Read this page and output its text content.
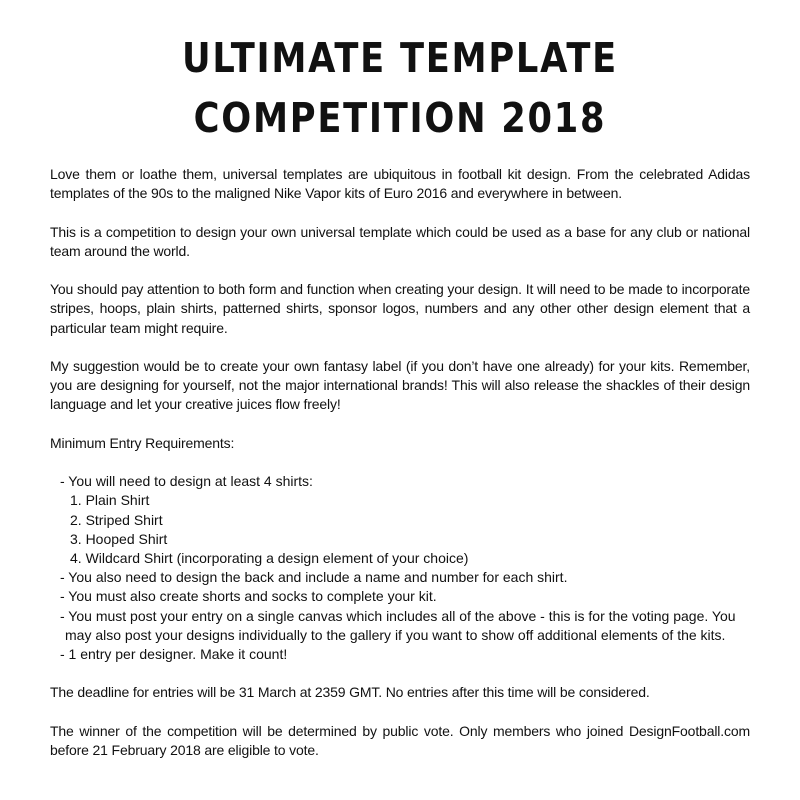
ULTIMATE TEMPLATE
COMPETITION 2018

Love them or loathe them, universal templates are ubiquitous in football kit design. From the celebrated Adidas templates of the 90s to the maligned Nike Vapor kits of Euro 2016 and everywhere in between.

This is a competition to design your own universal template which could be used as a base for any club or national team around the world.

You should pay attention to both form and function when creating your design. It will need to be made to incorporate stripes, hoops, plain shirts, patterned shirts, sponsor logos, numbers and any other other design element that a particular team might require.

My suggestion would be to create your own fantasy label (if you don’t have one already) for your kits. Remember, you are designing for yourself, not the major international brands! This will also release the shackles of their design language and let your creative juices flow freely!

Minimum Entry Requirements:

- You will need to design at least 4 shirts:
1. Plain Shirt
2. Striped Shirt
3. Hooped Shirt
4. Wildcard Shirt (incorporating a design element of your choice)
- You also need to design the back and include a name and number for each shirt.
- You must also create shorts and socks to complete your kit.
- You must post your entry on a single canvas which includes all of the above - this is for the voting page. You may also post your designs individually to the gallery if you want to show off additional elements of the kits.
- 1 entry per designer. Make it count!

The deadline for entries will be 31 March at 2359 GMT. No entries after this time will be considered.

The winner of the competition will be determined by public vote. Only members who joined DesignFootball.com before 21 February 2018 are eligible to vote.
